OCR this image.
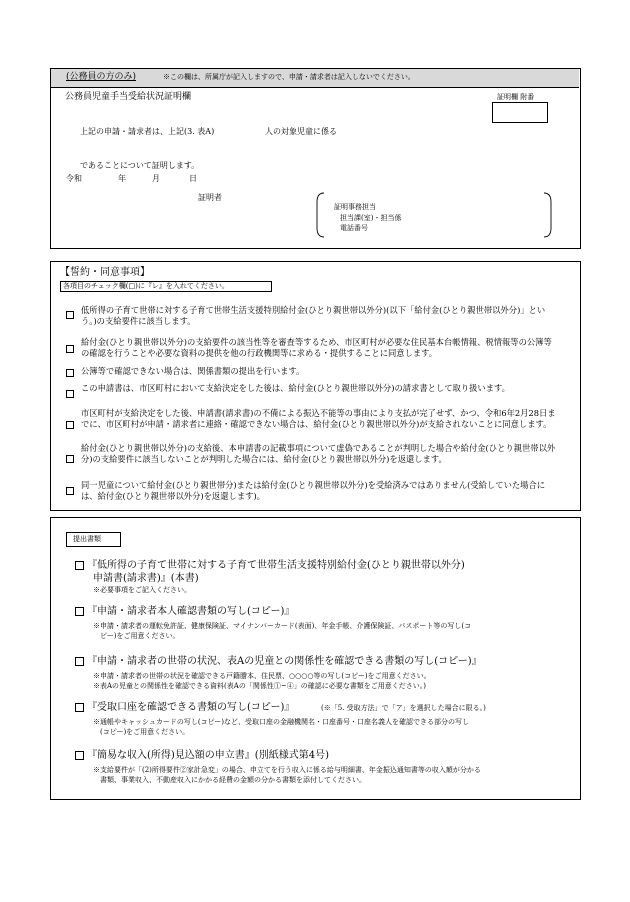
(公務員の方のみ)	※この欄は、所属庁が記入しますので、申請・請求者は記入しないでください。
公務員児童手当受給状況証明欄	証明欄 附番
上記の申請・請求者は、上記(3. 表A)	人の対象児童に係る
であることについて証明します。
令和	年	月	日
証明者
証明事務担当
担当課(室)・担当係
電話番号
【誓約・同意事項】
各項目のチェック欄(□)に『レ』を入れてください。
低所得の子育て世帯に対する子育て世帯生活支援特別給付金(ひとり親世帯以外分)(以下「給付金(ひとり親世帯以外分)」という。)の支給要件に該当します。
給付金(ひとり親世帯以外分)の支給要件の該当性等を審査等するため、市区町村が必要な住民基本台帳情報、税情報等の公簿等の確認を行うことや必要な資料の提供を他の行政機関等に求める・提供することに同意します。
公簿等で確認できない場合は、関係書類の提出を行います。
この申請書は、市区町村において支給決定をした後は、給付金(ひとり親世帯以外分)の請求書として取り扱います。
市区町村が支給決定をした後、申請書(請求書)の不備による振込不能等の事由により支払が完了せず、かつ、令和6年2月28日までに、市区町村が申請・請求者に連絡・確認できない場合は、給付金(ひとり親世帯以外分)が支給されないことに同意します。
給付金(ひとり親世帯以外分)の支給後、本申請書の記載事項について虚偽であることが判明した場合や給付金(ひとり親世帯以外分)の支給要件に該当しないことが判明した場合には、給付金(ひとり親世帯以外分)を返還します。
同一児童について給付金(ひとり親世帯分)または給付金(ひとり親世帯以外分)を受給済みではありません(受給していた場合には、給付金(ひとり親世帯以外分)を返還します)。
提出書類
『低所得の子育て世帯に対する子育て世帯生活支援特別給付金(ひとり親世帯以外分)
申請書(請求書)』(本書)
※必要事項をご記入ください。
『申請・請求者本人確認書類の写し(コピー)』
※申請・請求者の運転免許証、健康保険証、マイナンバーカード(表面)、年金手帳、介護保険証、パスポート等の写し(コ
ピー)をご用意ください。
『申請・請求者の世帯の状況、表Aの児童との関係性を確認できる書類の写し(コピー)』
※申請・請求者の世帯の状況を確認できる戸籍謄本、住民票、○○○○等の写し(コピー)をご用意ください。
※表Aの児童との関係性を確認できる資料(表Aの「関係性①~④」の確認に必要な書類をご用意ください。)
『受取口座を確認できる書類の写し(コピー)』	(※「5. 受取方法」で「ア」を選択した場合に限る。)
※通帳やキャッシュカードの写し(コピー)など、受取口座の金融機関名・口座番号・口座名義人を確認できる部分の写し
(コピー)をご用意ください。
『簡易な収入(所得)見込額の申立書』(別紙様式第4号)
※支給要件が「(2)所得要件②家計急変」の場合、申立てを行う収入に係る給与明細書、年金振込通知書等の収入額が分かる
書類、事業収入、不動産収入にかかる経費の金額の分かる書類を添付してください。
